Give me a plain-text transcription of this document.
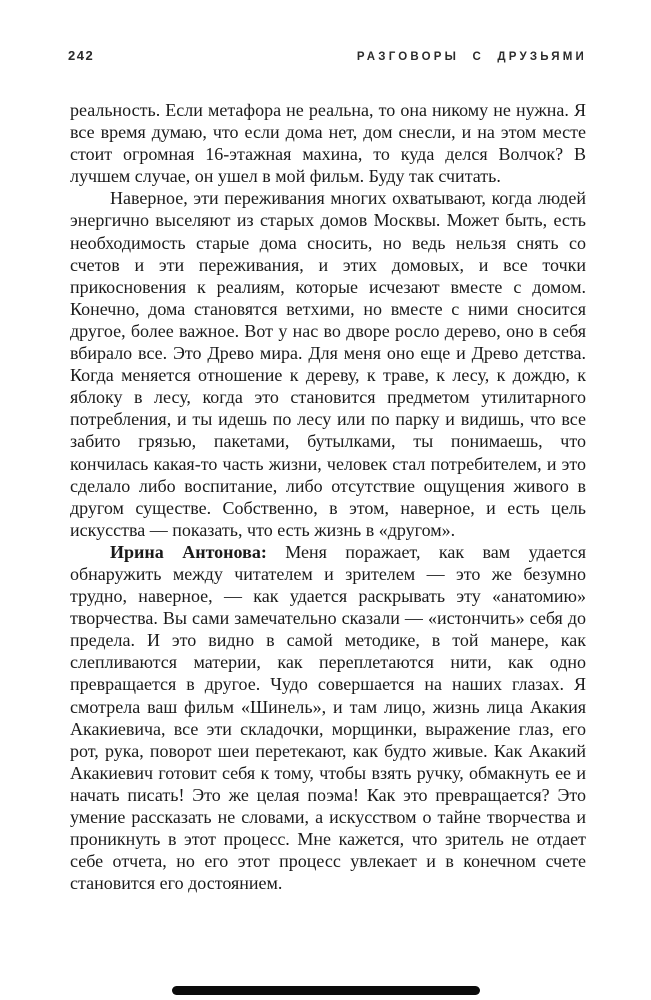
242	РАЗГОВОРЫ С ДРУЗЬЯМИ

реальность. Если метафора не реальна, то она никому не нужна. Я все время думаю, что если дома нет, дом снесли, и на этом месте стоит огромная 16-этажная махина, то куда делся Волчок? В лучшем случае, он ушел в мой фильм. Буду так считать.

Наверное, эти переживания многих охватывают, когда людей энергично выселяют из старых домов Москвы. Может быть, есть необходимость старые дома сносить, но ведь нельзя снять со счетов и эти переживания, и этих домовых, и все точки прикосновения к реалиям, которые исчезают вместе с домом. Конечно, дома становятся ветхими, но вместе с ними сносится другое, более важное. Вот у нас во дворе росло дерево, оно в себя вбирало все. Это Древо мира. Для меня оно еще и Древо детства. Когда меняется отношение к дереву, к траве, к лесу, к дождю, к яблоку в лесу, когда это становится предметом утилитарного потребления, и ты идешь по лесу или по парку и видишь, что все забито грязью, пакетами, бутылками, ты понимаешь, что кончилась какая-то часть жизни, человек стал потребителем, и это сделало либо воспитание, либо отсутствие ощущения живого в другом существе. Собственно, в этом, наверное, и есть цель искусства — показать, что есть жизнь в «другом».

Ирина Антонова: Меня поражает, как вам удается обнаружить между читателем и зрителем — это же безумно трудно, наверное, — как удается раскрывать эту «анатомию» творчества. Вы сами замечательно сказали — «истончить» себя до предела. И это видно в самой методике, в той манере, как слепливаются материи, как переплетаются нити, как одно превращается в другое. Чудо совершается на наших глазах. Я смотрела ваш фильм «Шинель», и там лицо, жизнь лица Акакия Акакиевича, все эти складочки, морщинки, выражение глаз, его рот, рука, поворот шеи перетекают, как будто живые. Как Акакий Акакиевич готовит себя к тому, чтобы взять ручку, обмакнуть ее и начать писать! Это же целая поэма! Как это превращается? Это умение рассказать не словами, а искусством о тайне творчества и проникнуть в этот процесс. Мне кажется, что зритель не отдает себе отчета, но его этот процесс увлекает и в конечном счете становится его достоянием.
